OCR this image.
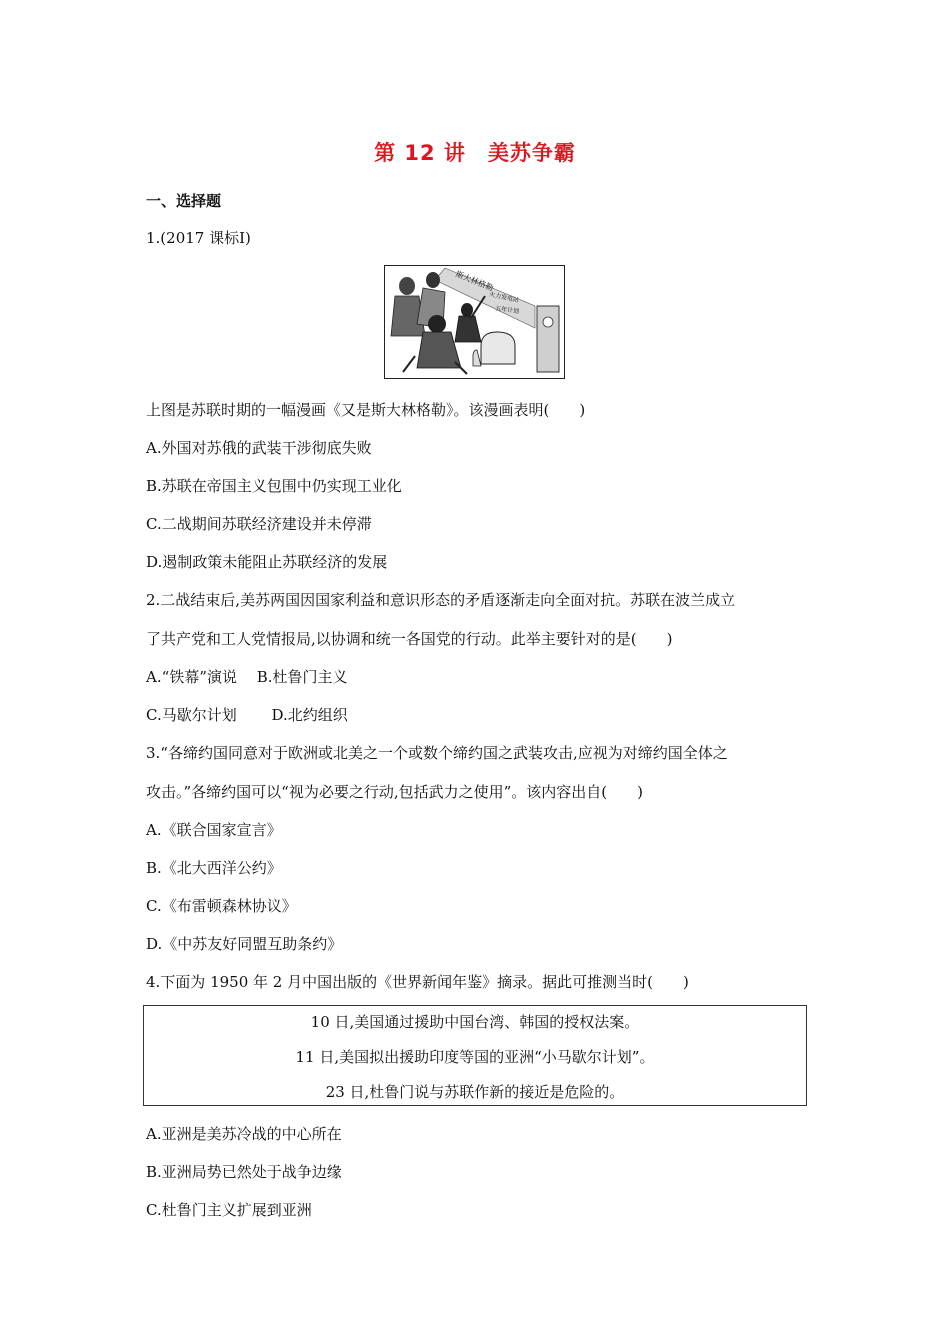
第 12 讲　美苏争霸
一、选择题
1.(2017 课标Ⅰ)
斯大林格勒
火力发电站
五年计划
上图是苏联时期的一幅漫画《又是斯大林格勒》。该漫画表明(　　)
A.外国对苏俄的武装干涉彻底失败
B.苏联在帝国主义包围中仍实现工业化
C.二战期间苏联经济建设并未停滞
D.遏制政策未能阻止苏联经济的发展
2.二战结束后,美苏两国因国家利益和意识形态的矛盾逐渐走向全面对抗。苏联在波兰成立
了共产党和工人党情报局,以协调和统一各国党的行动。此举主要针对的是(　　)
A.“铁幕”演说　 B.杜鲁门主义
C.马歇尔计划　　 D.北约组织
3.“各缔约国同意对于欧洲或北美之一个或数个缔约国之武装攻击,应视为对缔约国全体之
攻击。”各缔约国可以“视为必要之行动,包括武力之使用”。该内容出自(　　)
A.《联合国家宣言》
B.《北大西洋公约》
C.《布雷顿森林协议》
D.《中苏友好同盟互助条约》
4.下面为 1950 年 2 月中国出版的《世界新闻年鉴》摘录。据此可推测当时(　　)
10 日,美国通过援助中国台湾、韩国的授权法案。
11 日,美国拟出援助印度等国的亚洲“小马歇尔计划”。
23 日,杜鲁门说与苏联作新的接近是危险的。
A.亚洲是美苏冷战的中心所在
B.亚洲局势已然处于战争边缘
C.杜鲁门主义扩展到亚洲
